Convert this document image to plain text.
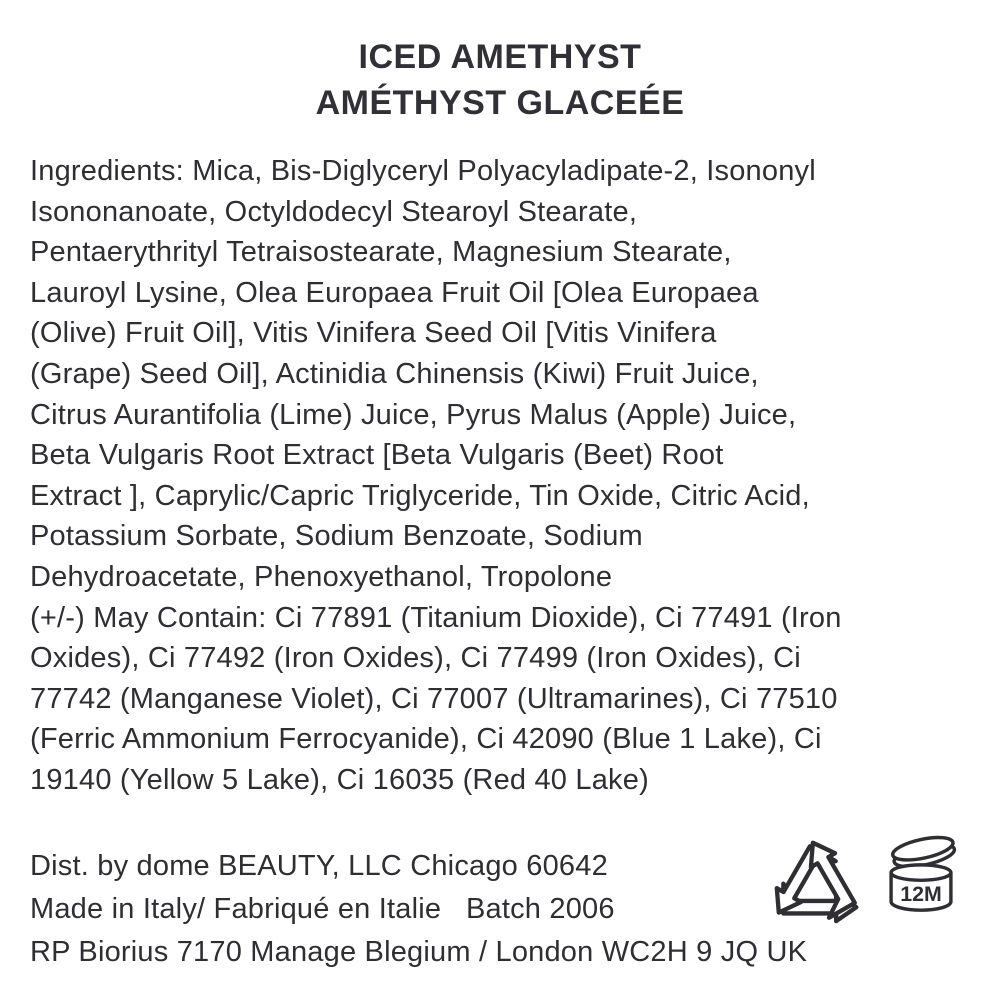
ICED AMETHYST
AMÉTHYST GLACEÉE
Ingredients: Mica, Bis-Diglyceryl Polyacyladipate-2, Isononyl
Isononanoate, Octyldodecyl Stearoyl Stearate,
Pentaerythrityl Tetraisostearate, Magnesium Stearate,
Lauroyl Lysine, Olea Europaea Fruit Oil [Olea Europaea
(Olive) Fruit Oil], Vitis Vinifera Seed Oil [Vitis Vinifera
(Grape) Seed Oil], Actinidia Chinensis (Kiwi) Fruit Juice,
Citrus Aurantifolia (Lime) Juice, Pyrus Malus (Apple) Juice,
Beta Vulgaris Root Extract [Beta Vulgaris (Beet) Root
Extract ], Caprylic/Capric Triglyceride, Tin Oxide, Citric Acid,
Potassium Sorbate, Sodium Benzoate, Sodium
Dehydroacetate, Phenoxyethanol, Tropolone
(+/-) May Contain: Ci 77891 (Titanium Dioxide), Ci 77491 (Iron
Oxides), Ci 77492 (Iron Oxides), Ci 77499 (Iron Oxides), Ci
77742 (Manganese Violet), Ci 77007 (Ultramarines), Ci 77510
(Ferric Ammonium Ferrocyanide), Ci 42090 (Blue 1 Lake), Ci
19140 (Yellow 5 Lake), Ci 16035 (Red 40 Lake)
Dist. by dome BEAUTY, LLC Chicago 60642
Made in Italy/ Fabriqué en Italie   Batch 2006
RP Biorius 7170 Manage Blegium / London WC2H 9 JQ UK
12M
